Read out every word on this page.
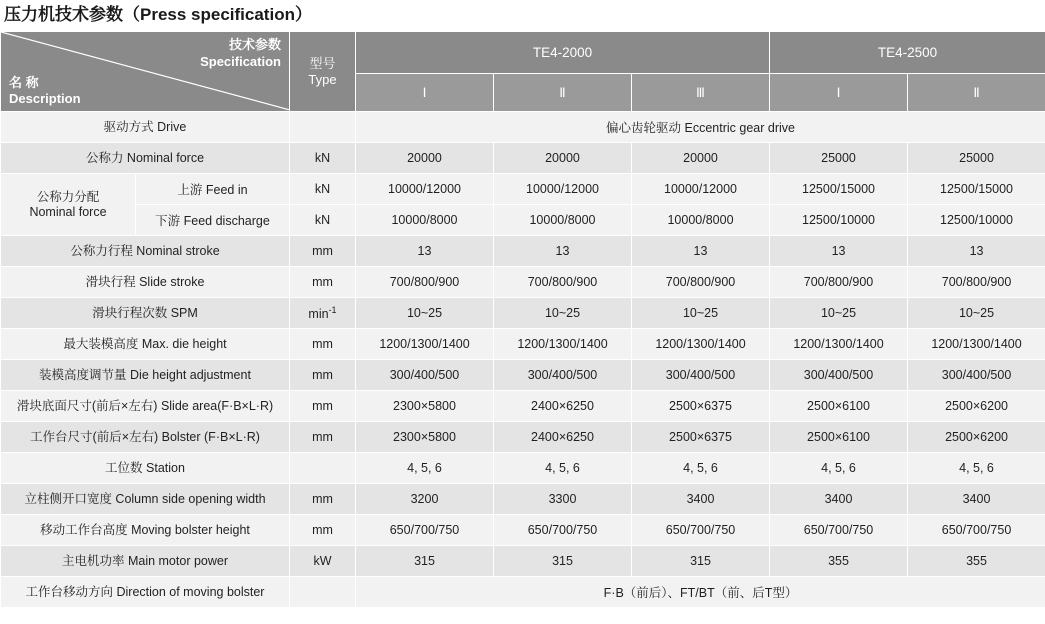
压力机技术参数（Press specification）
技术参数
Specification
名 称
Description
	型号
Type	TE4-2000	TE4-2500
			Ⅰ	Ⅱ	Ⅲ	Ⅰ	Ⅱ
驱动方式 Drive			偏心齿轮驱动 Eccentric gear drive				
公称力 Nominal force		kN	20000	20000	20000	25000	25000
公称力分配
Nominal force	上游 Feed in	kN	10000/12000	10000/12000	10000/12000	12500/15000	12500/15000
	下游 Feed discharge	kN	10000/8000	10000/8000	10000/8000	12500/10000	12500/10000
公称力行程 Nominal stroke		mm	13	13	13	13	13
滑块行程 Slide stroke		mm	700/800/900	700/800/900	700/800/900	700/800/900	700/800/900
滑块行程次数 SPM		$\min^{-1}$	10~25	10~25	10~25	10~25	10~25
最大装模高度 Max. die height		mm	1200/1300/1400	1200/1300/1400	1200/1300/1400	1200/1300/1400	1200/1300/1400
装模高度调节量 Die height adjustment		mm	300/400/500	300/400/500	300/400/500	300/400/500	300/400/500
滑块底面尺寸(前后×左右) Slide area(F·B×L·R)		mm	2300×5800	2400×6250	2500×6375	2500×6100	2500×6200
工作台尺寸(前后×左右) Bolster (F·B×L·R)		mm	2300×5800	2400×6250	2500×6375	2500×6100	2500×6200
工位数 Station			4, 5, 6	4, 5, 6	4, 5, 6	4, 5, 6	4, 5, 6
立柱侧开口宽度 Column side opening width		mm	3200	3300	3400	3400	3400
移动工作台高度 Moving bolster height		mm	650/700/750	650/700/750	650/700/750	650/700/750	650/700/750
主电机功率 Main motor power		kW	315	315	315	355	355
工作台移动方向 Direction of moving bolster			F·B（前后）、FT/BT（前、后T型）				
